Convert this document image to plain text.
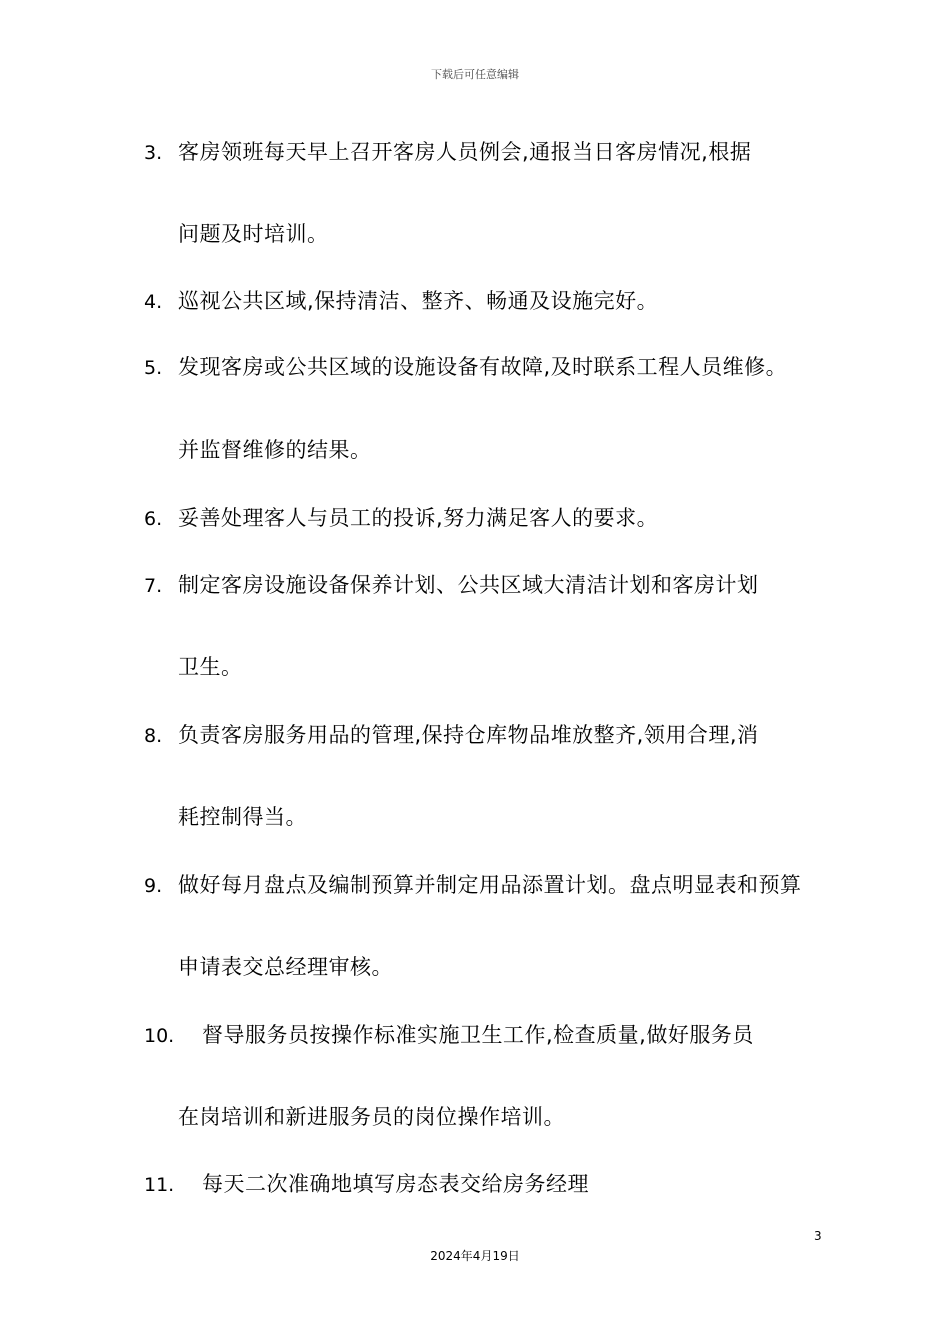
下载后可任意编辑
3. 客房领班每天早上召开客房人员例会,通报当日客房情况,根据
问题及时培训。
4. 巡视公共区域,保持清洁、整齐、畅通及设施完好。
5. 发现客房或公共区域的设施设备有故障,及时联系工程人员维修。
并监督维修的结果。
6. 妥善处理客人与员工的投诉,努力满足客人的要求。
7. 制定客房设施设备保养计划、公共区域大清洁计划和客房计划
卫生。
8. 负责客房服务用品的管理,保持仓库物品堆放整齐,领用合理,消
耗控制得当。
9. 做好每月盘点及编制预算并制定用品添置计划。盘点明显表和预算
申请表交总经理审核。
10. 督导服务员按操作标准实施卫生工作,检查质量,做好服务员
在岗培训和新进服务员的岗位操作培训。
11. 每天二次准确地填写房态表交给房务经理
3
2024年4月19日
